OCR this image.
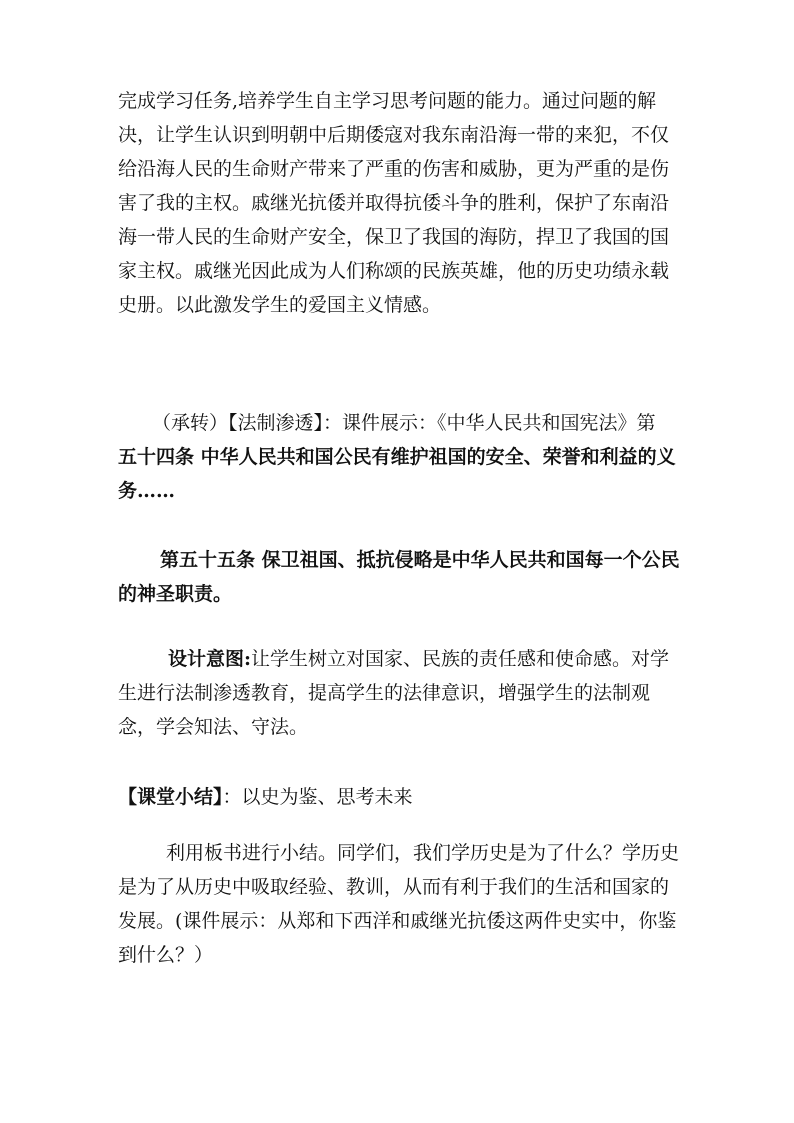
完成学习任务,培养学生自主学习思考问题的能力。通过问题的解
决，让学生认识到明朝中后期倭寇对我东南沿海一带的来犯，不仅
给沿海人民的生命财产带来了严重的伤害和威胁，更为严重的是伤
害了我的主权。戚继光抗倭并取得抗倭斗争的胜利，保护了东南沿
海一带人民的生命财产安全，保卫了我国的海防，捍卫了我国的国
家主权。戚继光因此成为人们称颂的民族英雄，他的历史功绩永载
史册。以此激发学生的爱国主义情感。
（承转）【法制渗透】：课件展示：《中华人民共和国宪法》第
五十四条 中华人民共和国公民有维护祖国的安全、荣誉和利益的义
务……
第五十五条 保卫祖国、抵抗侵略是中华人民共和国每一个公民
的神圣职责。
设计意图:让学生树立对国家、民族的责任感和使命感。对学
生进行法制渗透教育，提高学生的法律意识，增强学生的法制观
念，学会知法、守法。
【课堂小结】：以史为鉴、思考未来
利用板书进行小结。同学们，我们学历史是为了什么？学历史
是为了从历史中吸取经验、教训，从而有利于我们的生活和国家的
发展。(课件展示：从郑和下西洋和戚继光抗倭这两件史实中，你鉴
到什么？）
